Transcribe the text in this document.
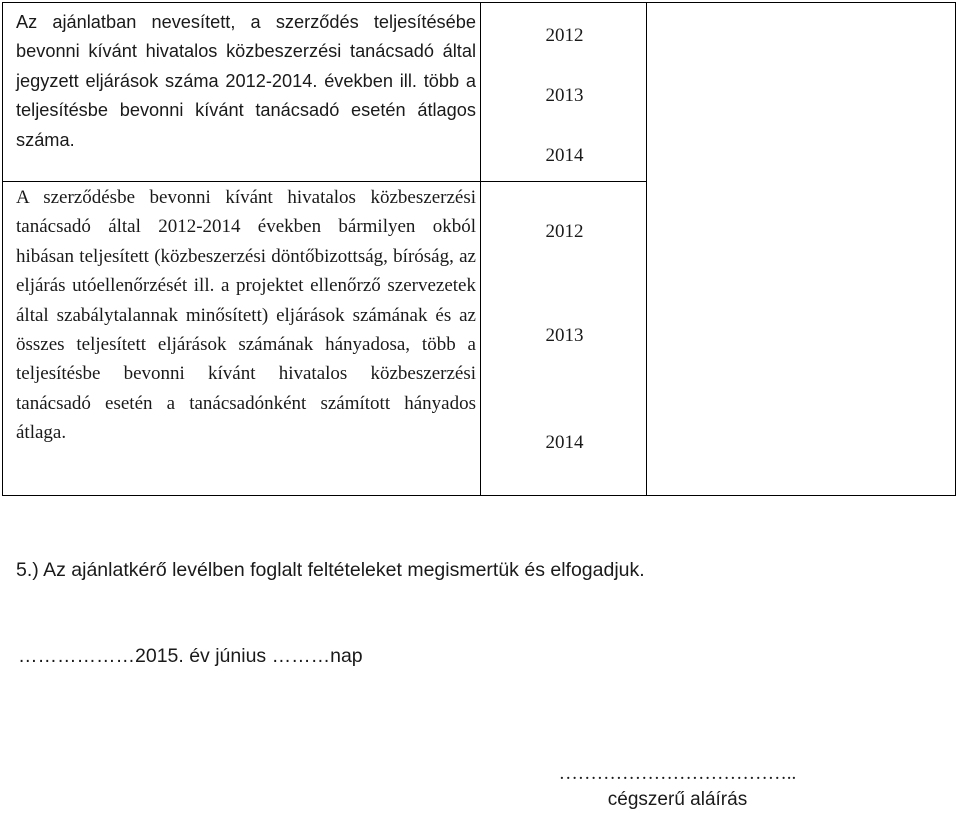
Az ajánlatban nevesített, a szerződés teljesítésébe bevonni kívánt hivatalos közbeszerzési tanácsadó által jegyzett eljárások száma 2012-2014. években ill. több a teljesítésbe bevonni kívánt tanácsadó esetén átlagos száma.
2012
2013
2014
A szerződésbe bevonni kívánt hivatalos közbeszerzési tanácsadó által 2012-2014 években bármilyen okból hibásan teljesített (közbeszerzési döntőbizottság, bíróság, az eljárás utóellenőrzését ill. a projektet ellenőrző szervezetek által szabálytalannak minősített) eljárások számának és az összes teljesített eljárások számának hányadosa, több a teljesítésbe bevonni kívánt hivatalos közbeszerzési tanácsadó esetén a tanácsadónként számított hányados átlaga.
2012
2013
2014
5.) Az ajánlatkérő levélben foglalt feltételeket megismertük és elfogadjuk.
………………2015. év június ………nap
………………………………..
cégszerű aláírás
